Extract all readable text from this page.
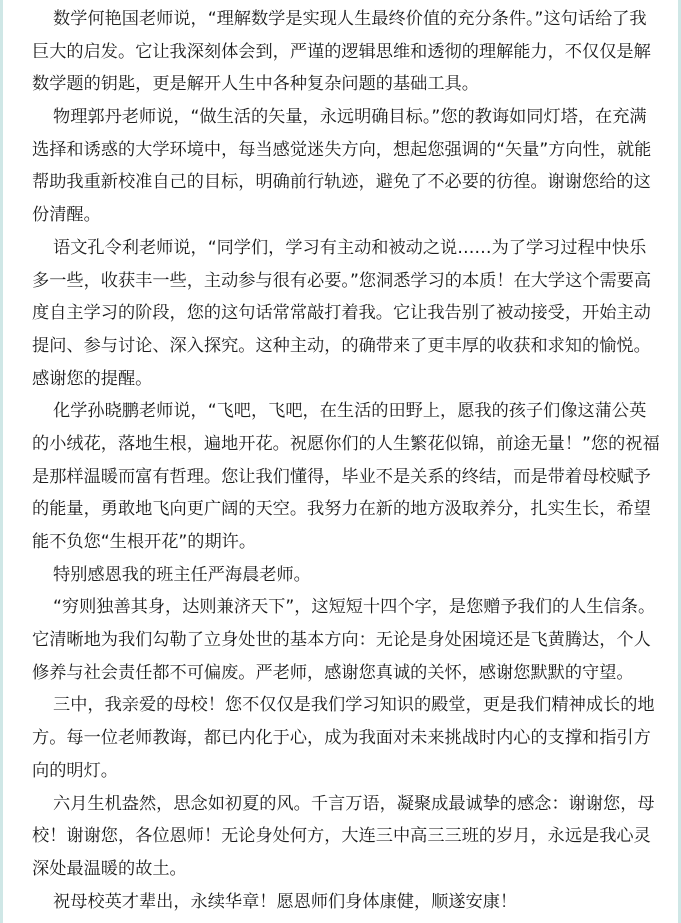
数学何艳国老师说，“理解数学是实现人生最终价值的充分条件。”这句话给了我
巨大的启发。它让我深刻体会到，严谨的逻辑思维和透彻的理解能力，不仅仅是解
数学题的钥匙，更是解开人生中各种复杂问题的基础工具。
物理郭丹老师说，“做生活的矢量，永远明确目标。”您的教诲如同灯塔，在充满
选择和诱惑的大学环境中，每当感觉迷失方向，想起您强调的“矢量”方向性，就能
帮助我重新校准自己的目标，明确前行轨迹，避免了不必要的彷徨。谢谢您给的这
份清醒。
语文孔令利老师说，“同学们，学习有主动和被动之说……为了学习过程中快乐
多一些，收获丰一些，主动参与很有必要。”您洞悉学习的本质！在大学这个需要高
度自主学习的阶段，您的这句话常常敲打着我。它让我告别了被动接受，开始主动
提问、参与讨论、深入探究。这种主动，的确带来了更丰厚的收获和求知的愉悦。
感谢您的提醒。
化学孙晓鹏老师说，“飞吧，飞吧，在生活的田野上，愿我的孩子们像这蒲公英
的小绒花，落地生根，遍地开花。祝愿你们的人生繁花似锦，前途无量！”您的祝福
是那样温暖而富有哲理。您让我们懂得，毕业不是关系的终结，而是带着母校赋予
的能量，勇敢地飞向更广阔的天空。我努力在新的地方汲取养分，扎实生长，希望
能不负您“生根开花”的期许。
特别感恩我的班主任严海晨老师。
“穷则独善其身，达则兼济天下”，这短短十四个字，是您赠予我们的人生信条。
它清晰地为我们勾勒了立身处世的基本方向：无论是身处困境还是飞黄腾达，个人
修养与社会责任都不可偏废。严老师，感谢您真诚的关怀，感谢您默默的守望。
三中，我亲爱的母校！您不仅仅是我们学习知识的殿堂，更是我们精神成长的地
方。每一位老师教诲，都已内化于心，成为我面对未来挑战时内心的支撑和指引方
向的明灯。
六月生机盎然，思念如初夏的风。千言万语，凝聚成最诚挚的感念：谢谢您，母
校！谢谢您，各位恩师！无论身处何方，大连三中高三三班的岁月，永远是我心灵
深处最温暖的故土。
祝母校英才辈出，永续华章！愿恩师们身体康健，顺遂安康！
